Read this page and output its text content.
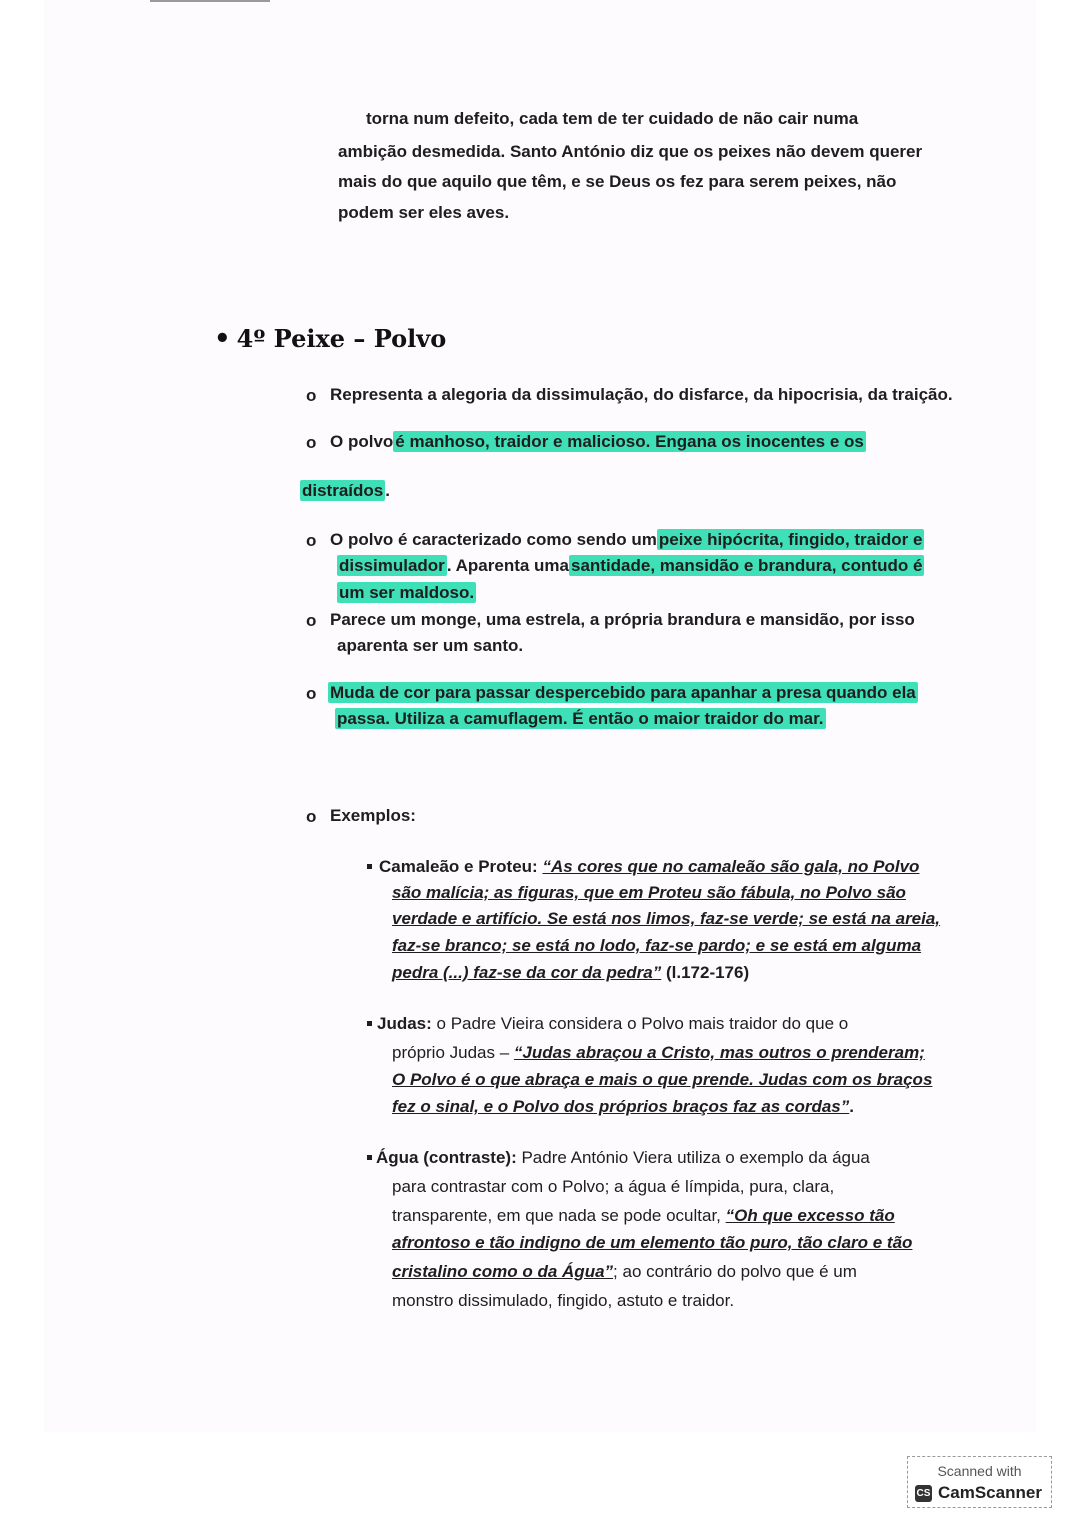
torna num defeito, cada tem de ter cuidado de não cair numa
ambição desmedida. Santo António diz que os peixes não devem querer
mais do que aquilo que têm, e se Deus os fez para serem peixes, não
podem ser eles aves.
• 4º Peixe – Polvo
o Representa a alegoria da dissimulação, do disfarce, da hipocrisia, da traição.
o O polvo é manhoso, traidor e malicioso. Engana os inocentes e os
distraídos .
o O polvo é caracterizado como sendo um peixe hipócrita, fingido, traidor e
dissimulador . Aparenta uma santidade, mansidão e brandura, contudo é
um ser maldoso.
o Parece um monge, uma estrela, a própria brandura e mansidão, por isso
aparenta ser um santo.
o Muda de cor para passar despercebido para apanhar a presa quando ela
passa. Utiliza a camuflagem. É então o maior traidor do mar.
o Exemplos:
Camaleão e Proteu: “As cores que no camaleão são gala, no Polvo
são malícia; as figuras, que em Proteu são fábula, no Polvo são
verdade e artifício. Se está nos limos, faz-se verde; se está na areia,
faz-se branco; se está no lodo, faz-se pardo; e se está em alguma
pedra (...) faz-se da cor da pedra” (l.172-176)
Judas: o Padre Vieira considera o Polvo mais traidor do que o
próprio Judas – “Judas abraçou a Cristo, mas outros o prenderam;
O Polvo é o que abraça e mais o que prende. Judas com os braços
fez o sinal, e o Polvo dos próprios braços faz as cordas”.
Água (contraste): Padre António Viera utiliza o exemplo da água
para contrastar com o Polvo; a água é límpida, pura, clara,
transparente, em que nada se pode ocultar, “Oh que excesso tão
afrontoso e tão indigno de um elemento tão puro, tão claro e tão
cristalino como o da Água”; ao contrário do polvo que é um
monstro dissimulado, fingido, astuto e traidor.
Scanned with
CS CamScanner
